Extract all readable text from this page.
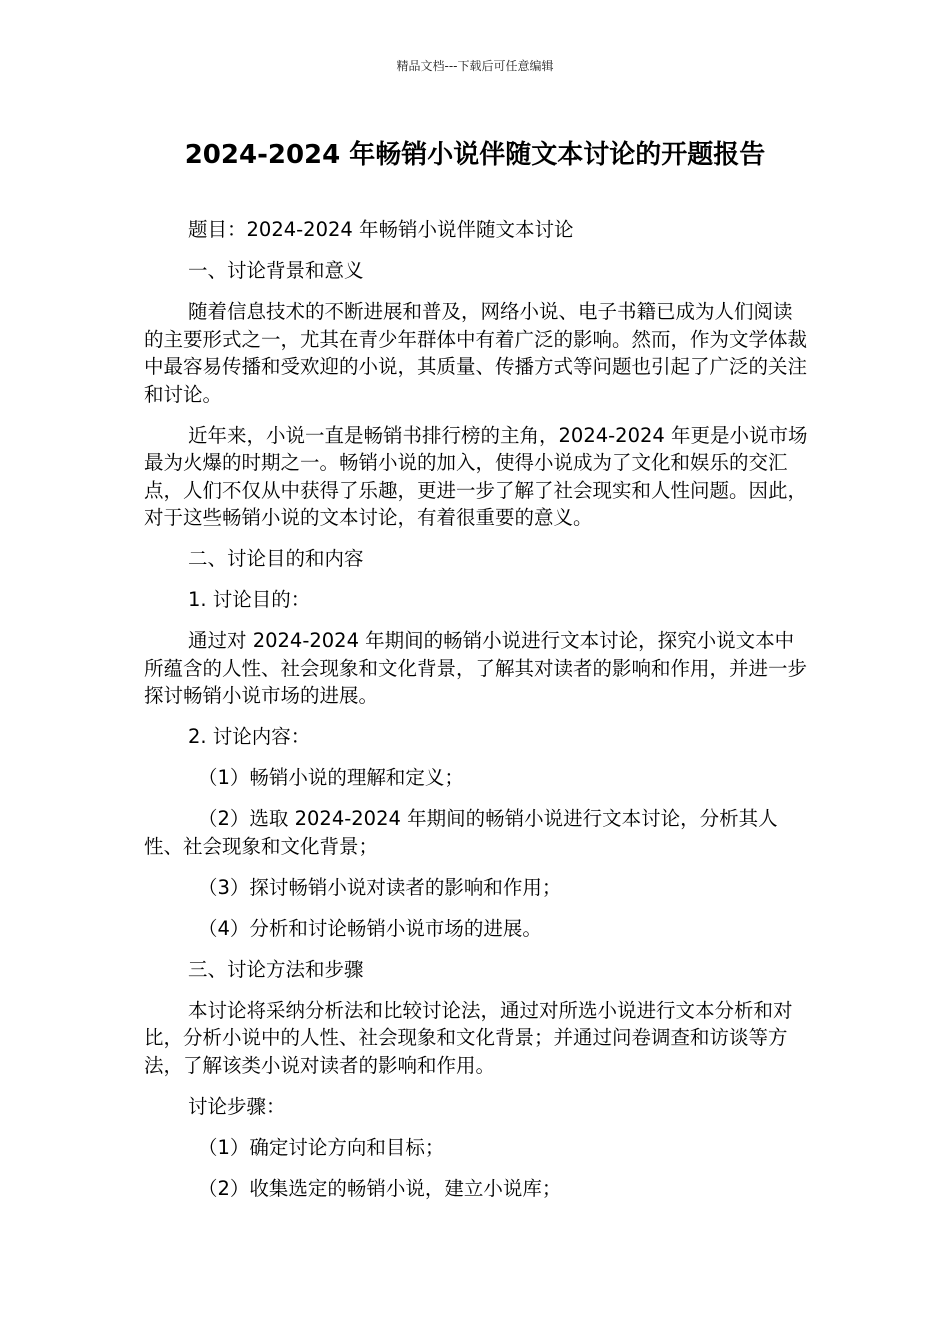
精品文档---下载后可任意编辑
2024-2024 年畅销小说伴随文本讨论的开题报告

题目：2024-2024 年畅销小说伴随文本讨论

一、讨论背景和意义

随着信息技术的不断进展和普及，网络小说、电子书籍已成为人们阅读的主要形式之一，尤其在青少年群体中有着广泛的影响。然而，作为文学体裁中最容易传播和受欢迎的小说，其质量、传播方式等问题也引起了广泛的关注和讨论。

近年来，小说一直是畅销书排行榜的主角，2024-2024 年更是小说市场最为火爆的时期之一。畅销小说的加入，使得小说成为了文化和娱乐的交汇点，人们不仅从中获得了乐趣，更进一步了解了社会现实和人性问题。因此，对于这些畅销小说的文本讨论，有着很重要的意义。

二、讨论目的和内容

1. 讨论目的：

通过对 2024-2024 年期间的畅销小说进行文本讨论，探究小说文本中所蕴含的人性、社会现象和文化背景，了解其对读者的影响和作用，并进一步探讨畅销小说市场的进展。

2. 讨论内容：

（1）畅销小说的理解和定义；

（2）选取 2024-2024 年期间的畅销小说进行文本讨论，分析其人性、社会现象和文化背景；

（3）探讨畅销小说对读者的影响和作用；

（4）分析和讨论畅销小说市场的进展。

三、讨论方法和步骤

本讨论将采纳分析法和比较讨论法，通过对所选小说进行文本分析和对比，分析小说中的人性、社会现象和文化背景；并通过问卷调查和访谈等方法，了解该类小说对读者的影响和作用。

讨论步骤：

（1）确定讨论方向和目标；

（2）收集选定的畅销小说，建立小说库；
